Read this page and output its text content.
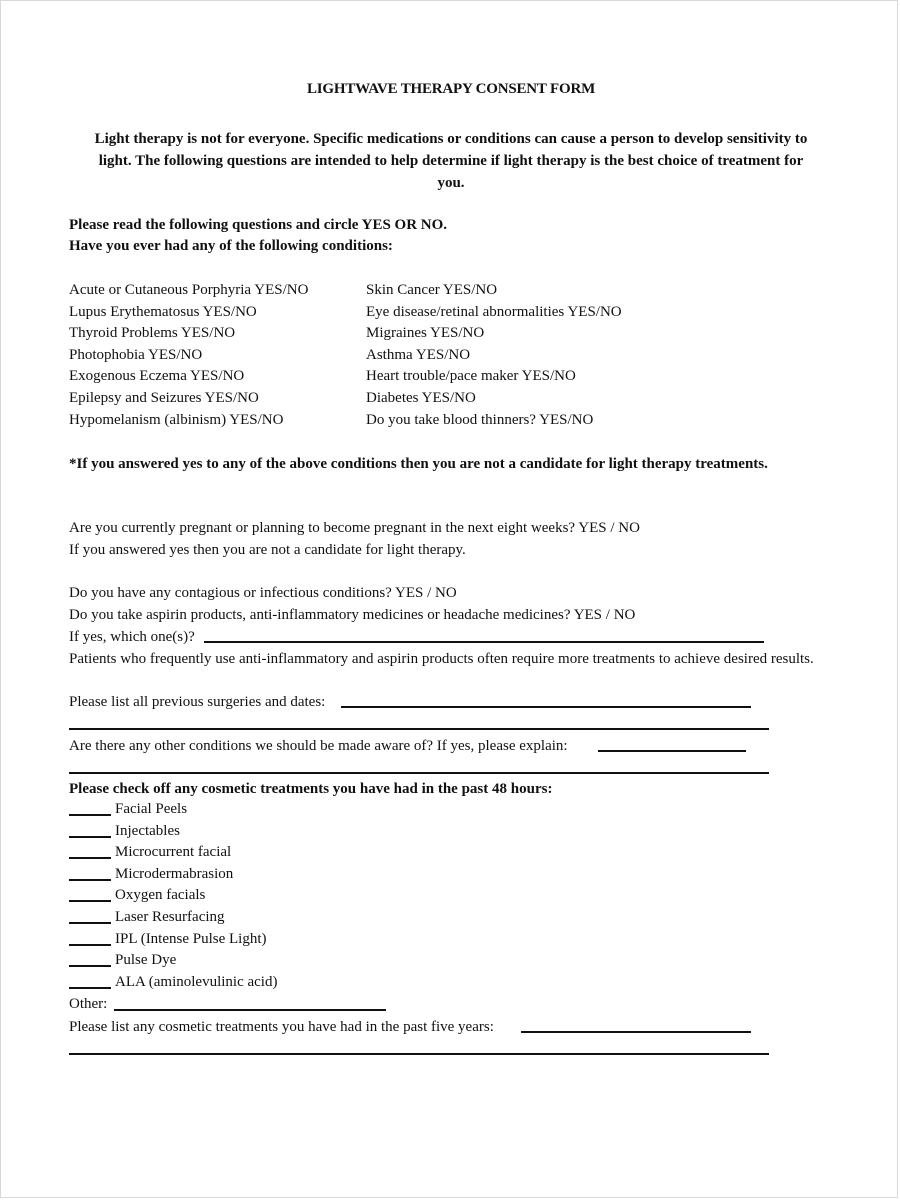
LIGHTWAVE THERAPY CONSENT FORM
Light therapy is not for everyone. Specific medications or conditions can cause a person to develop sensitivity to light. The following questions are intended to help determine if light therapy is the best choice of treatment for you.
Please read the following questions and circle YES OR NO.
Have you ever had any of the following conditions:
Acute or Cutaneous Porphyria YES/NO
Lupus Erythematosus YES/NO
Thyroid Problems YES/NO
Photophobia YES/NO
Exogenous Eczema YES/NO
Epilepsy and Seizures YES/NO
Hypomelanism (albinism) YES/NO
Skin Cancer YES/NO
Eye disease/retinal abnormalities YES/NO
Migraines YES/NO
Asthma YES/NO
Heart trouble/pace maker YES/NO
Diabetes YES/NO
Do you take blood thinners? YES/NO
*If you answered yes to any of the above conditions then you are not a candidate for light therapy treatments.
Are you currently pregnant or planning to become pregnant in the next eight weeks? YES / NO
If you answered yes then you are not a candidate for light therapy.
Do you have any contagious or infectious conditions? YES / NO
Do you take aspirin products, anti-inflammatory medicines or headache medicines? YES / NO
If yes, which one(s)?
Patients who frequently use anti-inflammatory and aspirin products often require more treatments to achieve desired results.
Please list all previous surgeries and dates:
Are there any other conditions we should be made aware of? If yes, please explain:
Please check off any cosmetic treatments you have had in the past 48 hours:
Facial Peels
Injectables
Microcurrent facial
Microdermabrasion
Oxygen facials
Laser Resurfacing
IPL (Intense Pulse Light)
Pulse Dye
ALA (aminolevulinic acid)
Other:
Please list any cosmetic treatments you have had in the past five years:
